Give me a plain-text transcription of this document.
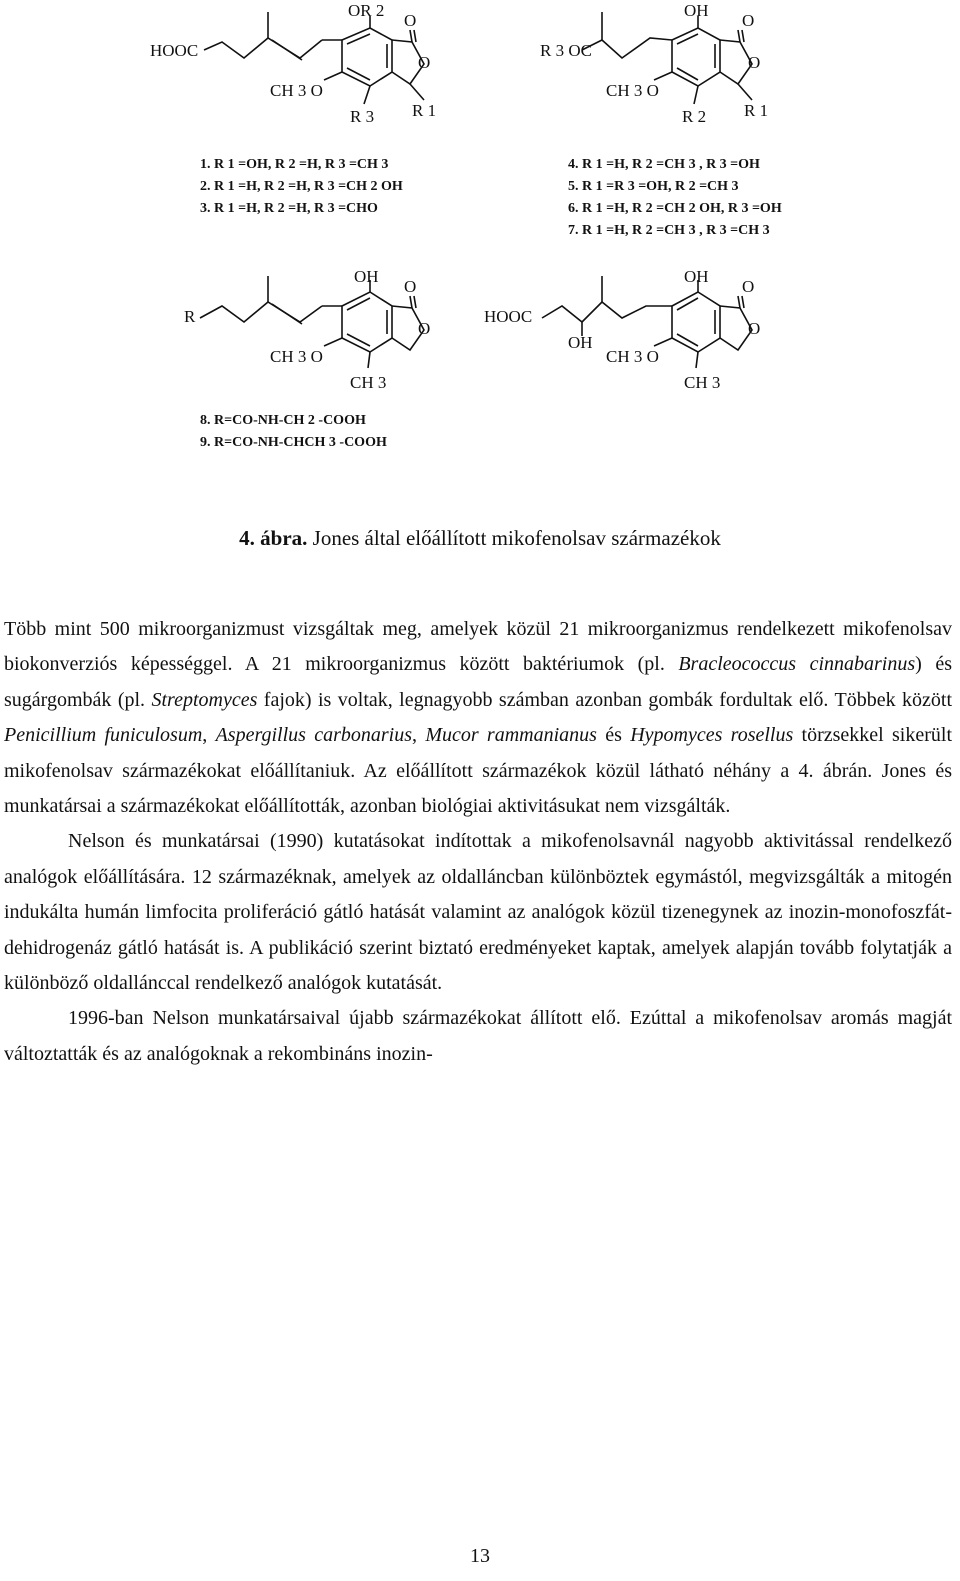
HOOC
OR 2
O
O
CH 3 O
R 3 R 1
R 3 OC
OH
O
O
CH 3 O
R 2 R 1
1. R 1 =OH, R 2 =H, R 3 =CH 3
2. R 1 =H, R 2 =H, R 3 =CH 2 OH
3. R 1 =H, R 2 =H, R 3 =CHO
4. R 1 =H, R 2 =CH 3 , R 3 =OH
5. R 1 =R 3 =OH, R 2 =CH 3
6. R 1 =H, R 2 =CH 2 OH, R 3 =OH
7. R 1 =H, R 2 =CH 3 , R 3 =CH 3
R
OH
O
O
CH 3 O
CH 3
HOOC
OH
OH
O
O
CH 3 O
CH 3
8. R=CO-NH-CH 2 -COOH
9. R=CO-NH-CHCH 3 -COOH
4. ábra. Jones által előállított mikofenolsav származékok

Több mint 500 mikroorganizmust vizsgáltak meg, amelyek közül 21 mikroorganizmus rendelkezett mikofenolsav biokonverziós képességgel. A 21 mikroorganizmus között baktériumok (pl. Bracleococcus cinnabarinus) és sugárgombák (pl. Streptomyces fajok) is voltak, legnagyobb számban azonban gombák fordultak elő. Többek között Penicillium funiculosum, Aspergillus carbonarius, Mucor rammanianus és Hypomyces rosellus törzsekkel sikerült mikofenolsav származékokat előállítaniuk. Az előállított származékok közül látható néhány a 4. ábrán. Jones és munkatársai a származékokat előállították, azonban biológiai aktivitásukat nem vizsgálták.

Nelson és munkatársai (1990) kutatásokat indítottak a mikofenolsavnál nagyobb aktivitással rendelkező analógok előállítására. 12 származéknak, amelyek az oldalláncban különböztek egymástól, megvizsgálták a mitogén indukálta humán limfocita proliferáció gátló hatását valamint az analógok közül tizenegynek az inozin-monofoszfát-dehidrogenáz gátló hatását is. A publikáció szerint biztató eredményeket kaptak, amelyek alapján tovább folytatják a különböző oldallánccal rendelkező analógok kutatását.

1996-ban Nelson munkatársaival újabb származékokat állított elő. Ezúttal a mikofenolsav aromás magját változtatták és az analógoknak a rekombináns inozin-

13
